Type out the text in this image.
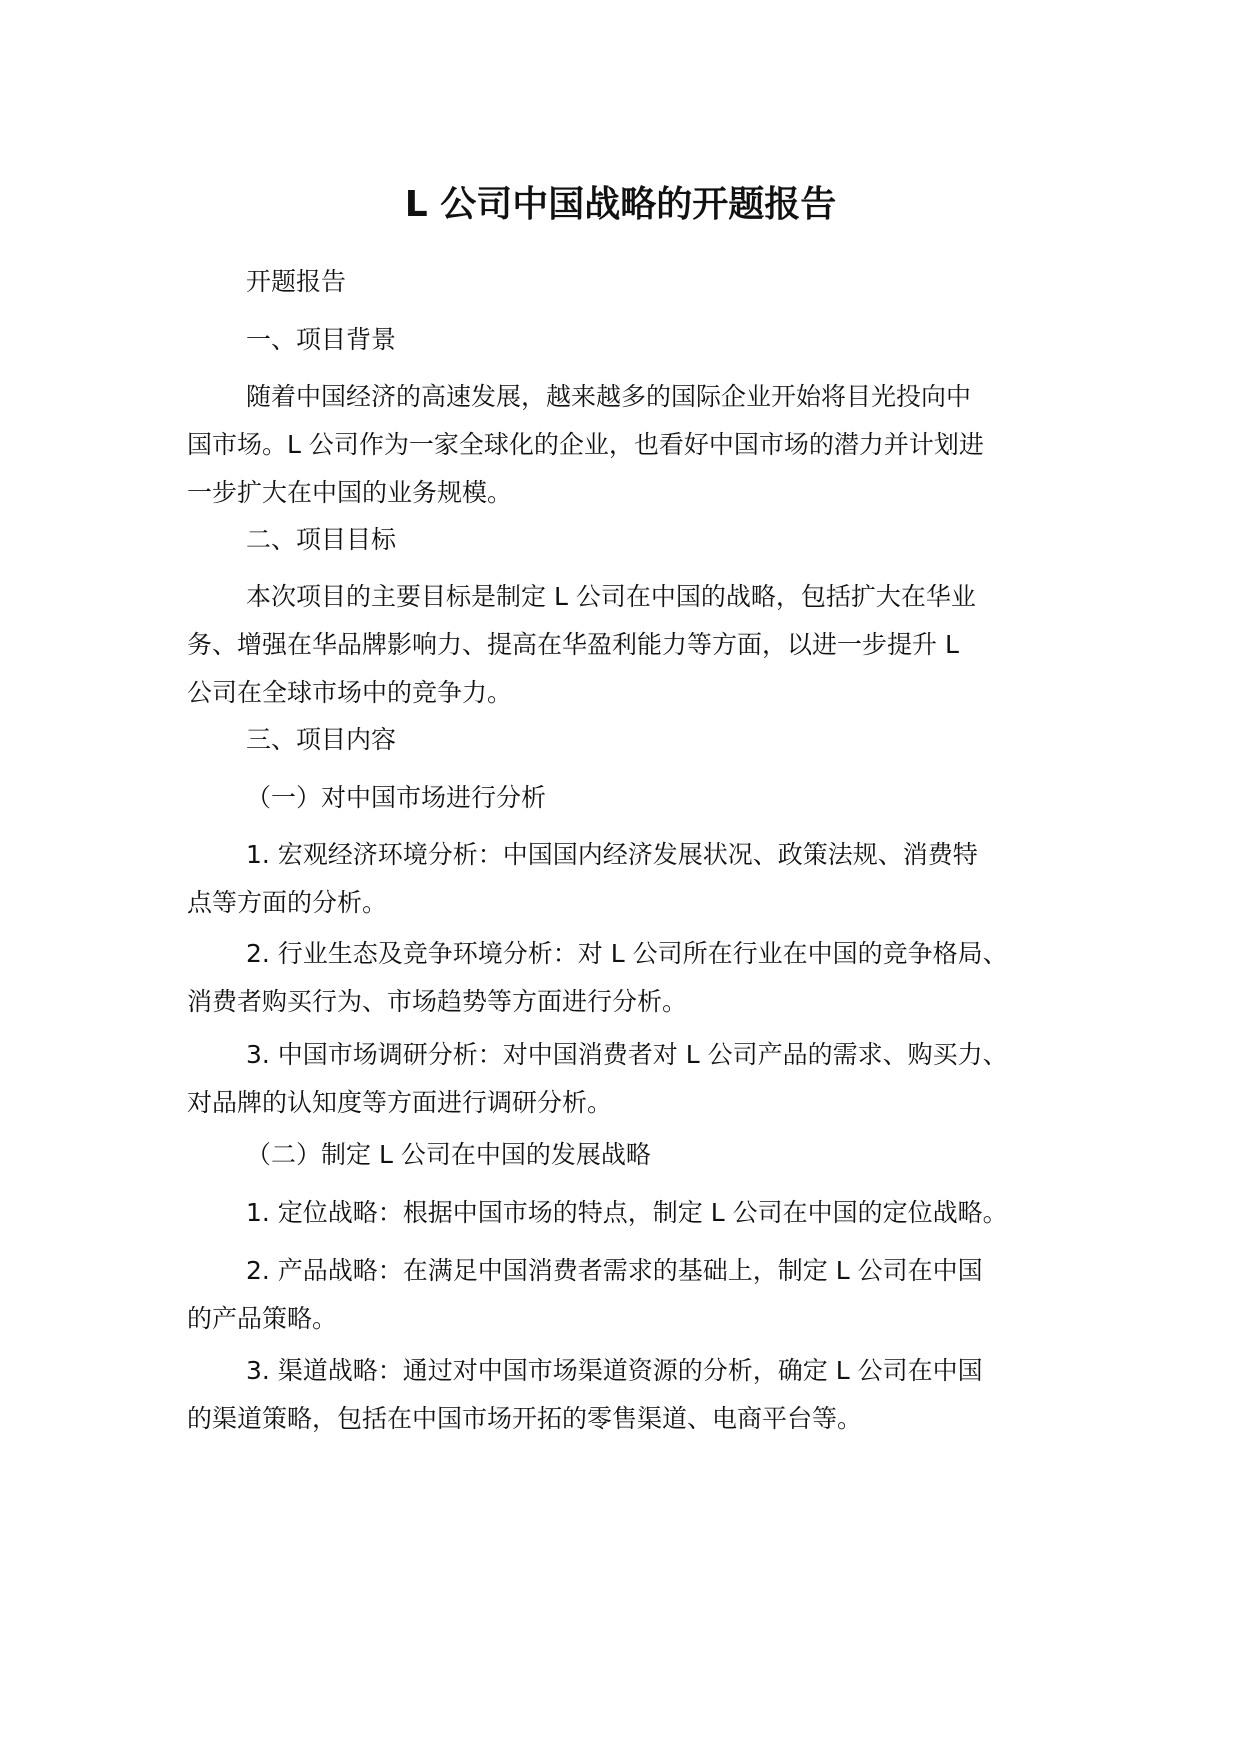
L 公司中国战略的开题报告
开题报告
一、项目背景
随着中国经济的高速发展，越来越多的国际企业开始将目光投向中
国市场。L 公司作为一家全球化的企业，也看好中国市场的潜力并计划进
一步扩大在中国的业务规模。
二、项目目标
本次项目的主要目标是制定 L 公司在中国的战略，包括扩大在华业
务、增强在华品牌影响力、提高在华盈利能力等方面，以进一步提升 L
公司在全球市场中的竞争力。
三、项目内容
（一）对中国市场进行分析
1. 宏观经济环境分析：中国国内经济发展状况、政策法规、消费特
点等方面的分析。
2. 行业生态及竞争环境分析：对 L 公司所在行业在中国的竞争格局、
消费者购买行为、市场趋势等方面进行分析。
3. 中国市场调研分析：对中国消费者对 L 公司产品的需求、购买力、
对品牌的认知度等方面进行调研分析。
（二）制定 L 公司在中国的发展战略
1. 定位战略：根据中国市场的特点，制定 L 公司在中国的定位战略。
2. 产品战略：在满足中国消费者需求的基础上，制定 L 公司在中国
的产品策略。
3. 渠道战略：通过对中国市场渠道资源的分析，确定 L 公司在中国
的渠道策略，包括在中国市场开拓的零售渠道、电商平台等。
